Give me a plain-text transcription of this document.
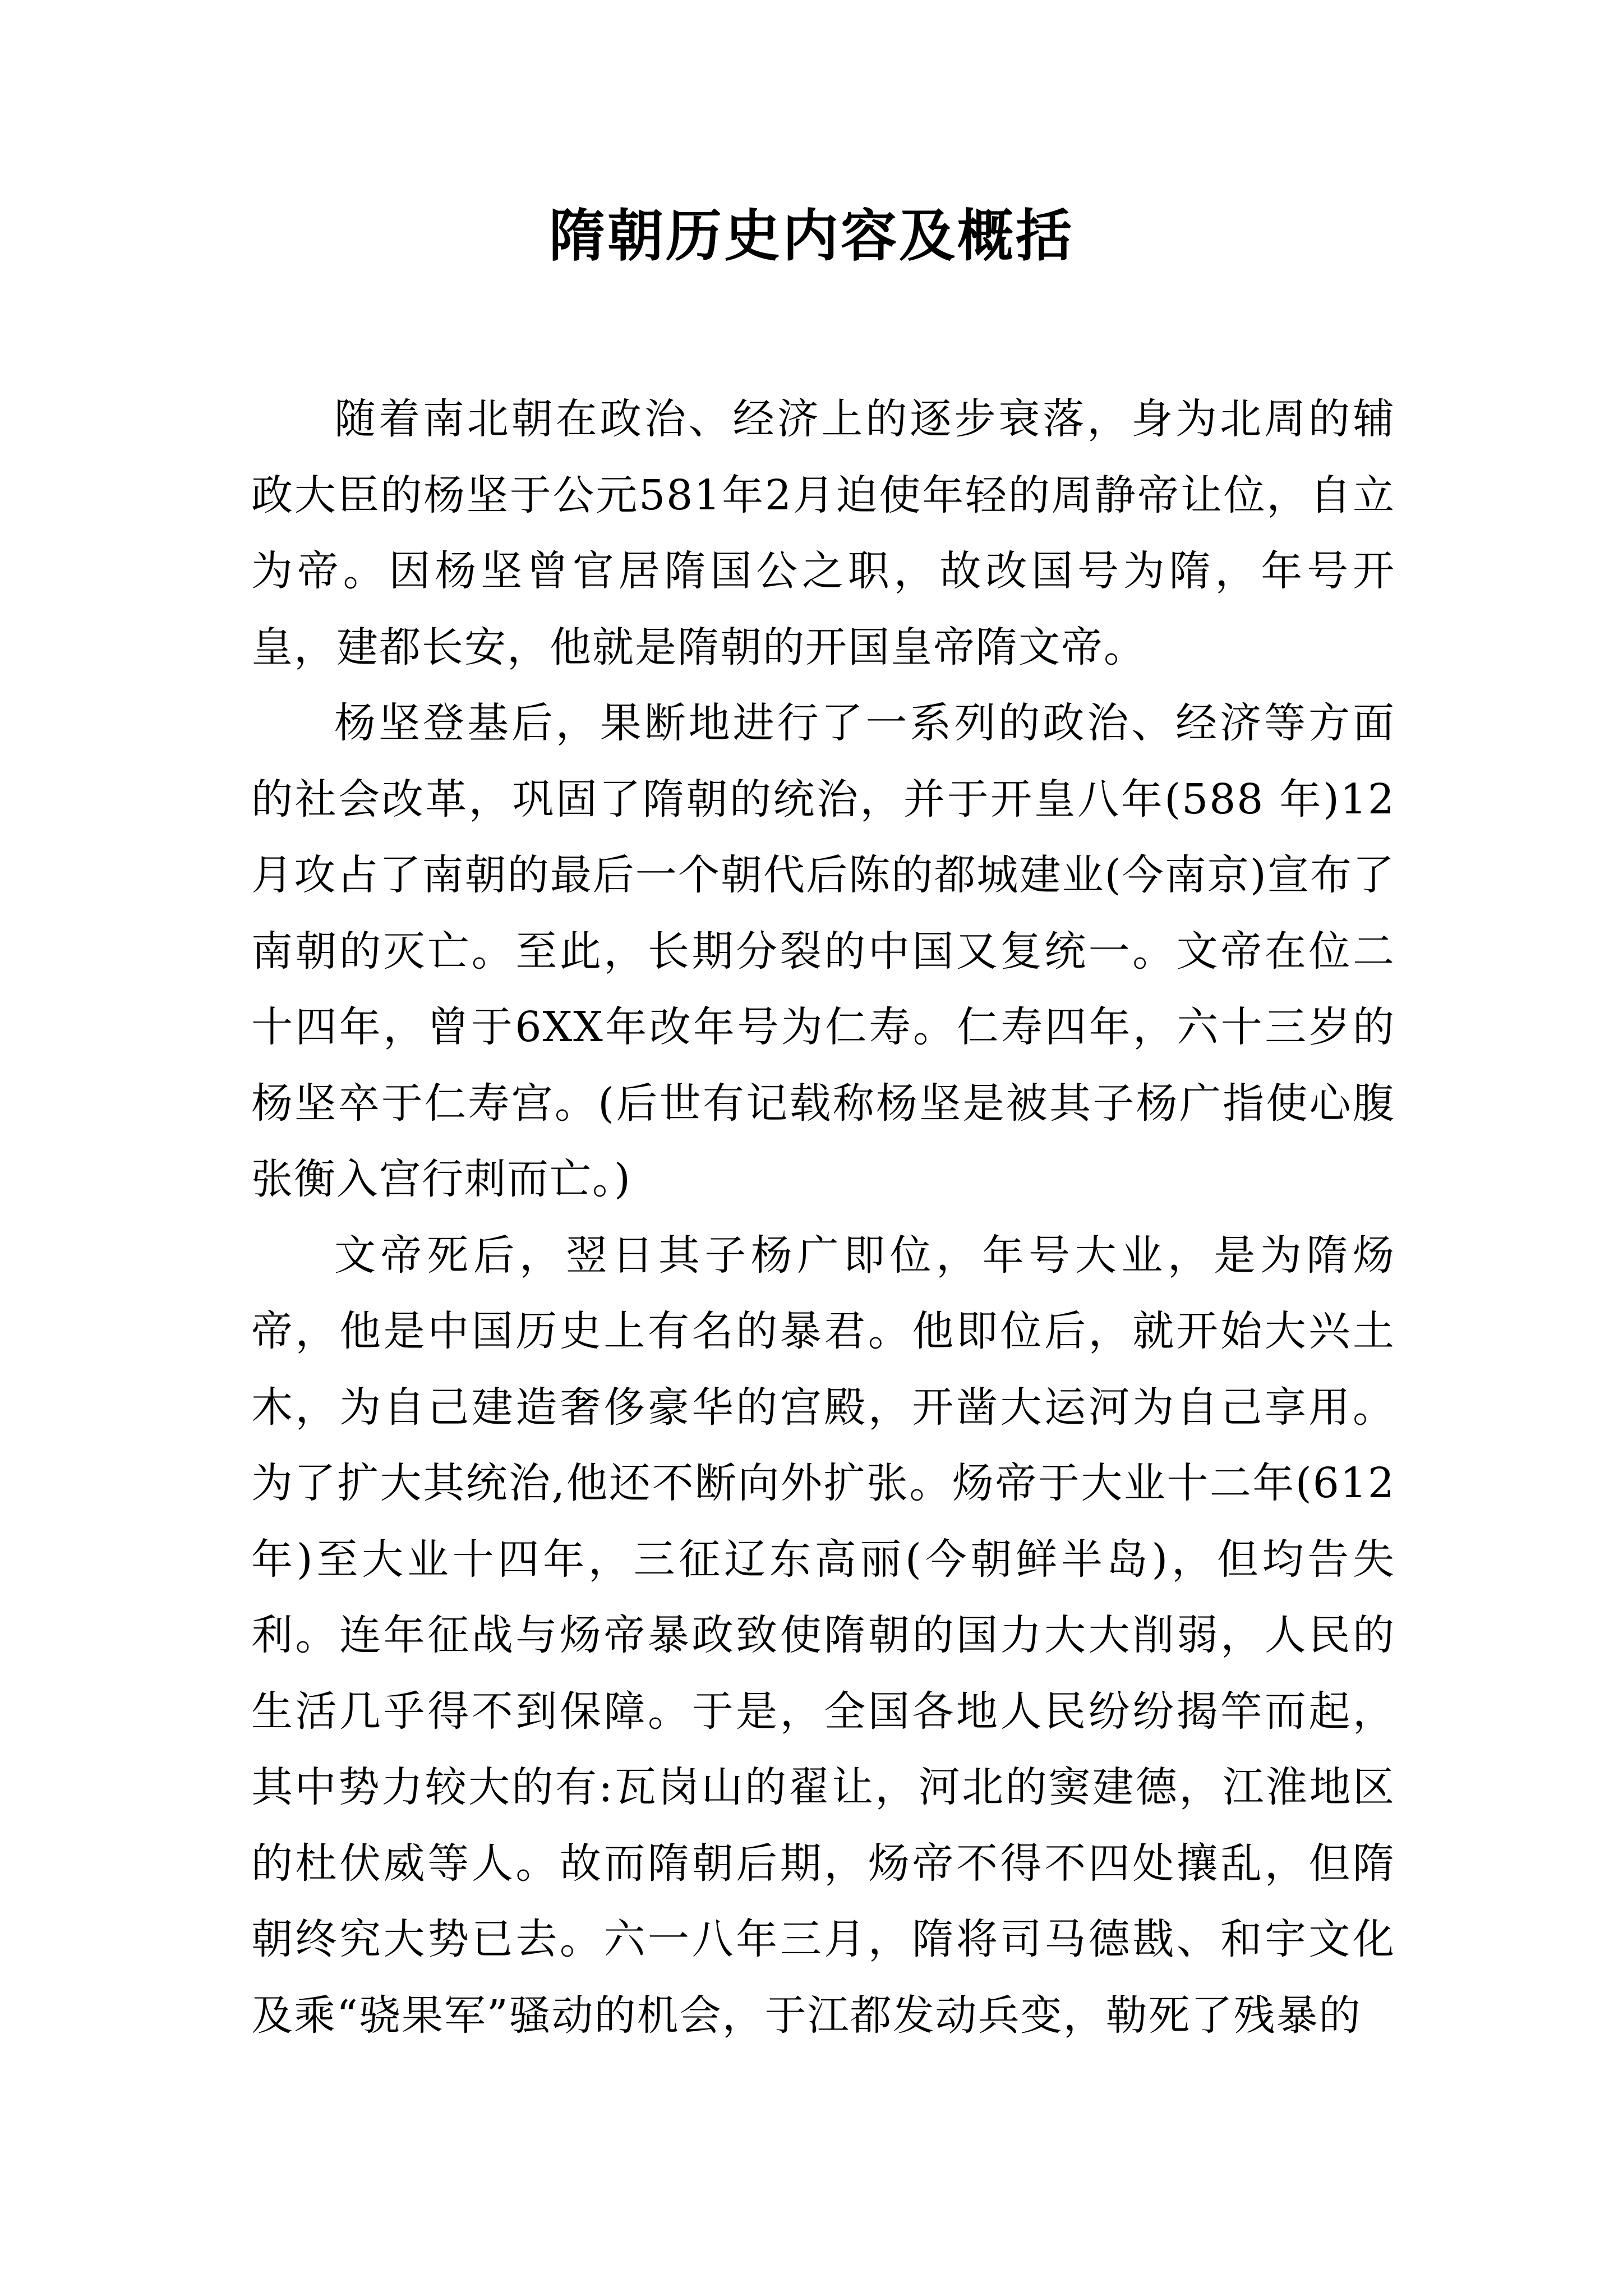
隋朝历史内容及概括

随着南北朝在政治、经济上的逐步衰落，身为北周的辅政大臣的杨坚于公元581年2月迫使年轻的周静帝让位，自立为帝。因杨坚曾官居隋国公之职，故改国号为隋，年号开皇，建都长安，他就是隋朝的开国皇帝隋文帝。

杨坚登基后，果断地进行了一系列的政治、经济等方面的社会改革，巩固了隋朝的统治，并于开皇八年(588 年)12月攻占了南朝的最后一个朝代后陈的都城建业(今南京)宣布了南朝的灭亡。至此，长期分裂的中国又复统一。文帝在位二十四年，曾于6XX年改年号为仁寿。仁寿四年，六十三岁的杨坚卒于仁寿宫。(后世有记载称杨坚是被其子杨广指使心腹张衡入宫行刺而亡。)

文帝死后，翌日其子杨广即位，年号大业，是为隋炀帝，他是中国历史上有名的暴君。他即位后，就开始大兴土木，为自己建造奢侈豪华的宫殿，开凿大运河为自己享用。为了扩大其统治,他还不断向外扩张。炀帝于大业十二年(612年)至大业十四年，三征辽东高丽(今朝鲜半岛)，但均告失利。连年征战与炀帝暴政致使隋朝的国力大大削弱，人民的生活几乎得不到保障。于是，全国各地人民纷纷揭竿而起，其中势力较大的有:瓦岗山的翟让，河北的窦建德，江淮地区的杜伏威等人。故而隋朝后期，炀帝不得不四处攘乱，但隋朝终究大势已去。六一八年三月，隋将司马德戡、和宇文化及乘“骁果军”骚动的机会，于江都发动兵变，勒死了残暴的
